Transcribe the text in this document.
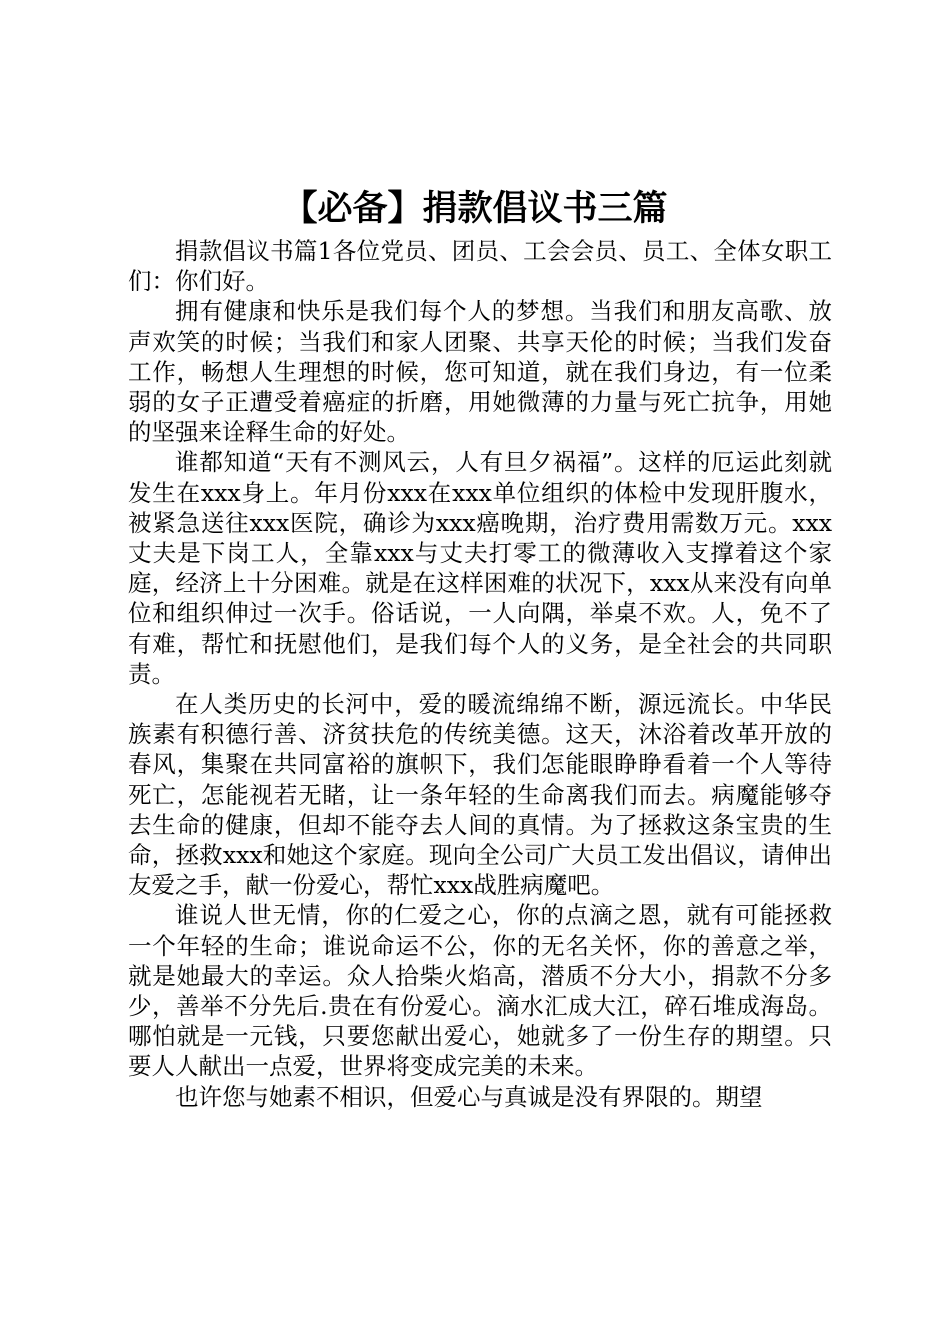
【必备】捐款倡议书三篇

捐款倡议书篇1各位党员、团员、工会会员、员工、全体女职工们：你们好。

拥有健康和快乐是我们每个人的梦想。当我们和朋友高歌、放声欢笑的时候；当我们和家人团聚、共享天伦的时候；当我们发奋工作，畅想人生理想的时候，您可知道，就在我们身边，有一位柔弱的女子正遭受着癌症的折磨，用她微薄的力量与死亡抗争，用她的坚强来诠释生命的好处。

谁都知道“天有不测风云，人有旦夕祸福”。这样的厄运此刻就发生在xxx身上。年月份xxx在xxx单位组织的体检中发现肝腹水，被紧急送往xxx医院，确诊为xxx癌晚期，治疗费用需数万元。xxx丈夫是下岗工人，全靠xxx与丈夫打零工的微薄收入支撑着这个家庭，经济上十分困难。就是在这样困难的状况下，xxx从来没有向单位和组织伸过一次手。俗话说，一人向隅，举桌不欢。人，免不了有难，帮忙和抚慰他们，是我们每个人的义务，是全社会的共同职责。

在人类历史的长河中，爱的暖流绵绵不断，源远流长。中华民族素有积德行善、济贫扶危的传统美德。这天，沐浴着改革开放的春风，集聚在共同富裕的旗帜下，我们怎能眼睁睁看着一个人等待死亡，怎能视若无睹，让一条年轻的生命离我们而去。病魔能够夺去生命的健康，但却不能夺去人间的真情。为了拯救这条宝贵的生命，拯救xxx和她这个家庭。现向全公司广大员工发出倡议，请伸出友爱之手，献一份爱心，帮忙xxx战胜病魔吧。

谁说人世无情，你的仁爱之心，你的点滴之恩，就有可能拯救一个年轻的生命；谁说命运不公，你的无名关怀，你的善意之举，就是她最大的幸运。众人拾柴火焰高，潜质不分大小，捐款不分多少，善举不分先后.贵在有份爱心。滴水汇成大江，碎石堆成海岛。哪怕就是一元钱，只要您献出爱心，她就多了一份生存的期望。只要人人献出一点爱，世界将变成完美的未来。

也许您与她素不相识，但爱心与真诚是没有界限的。期望
